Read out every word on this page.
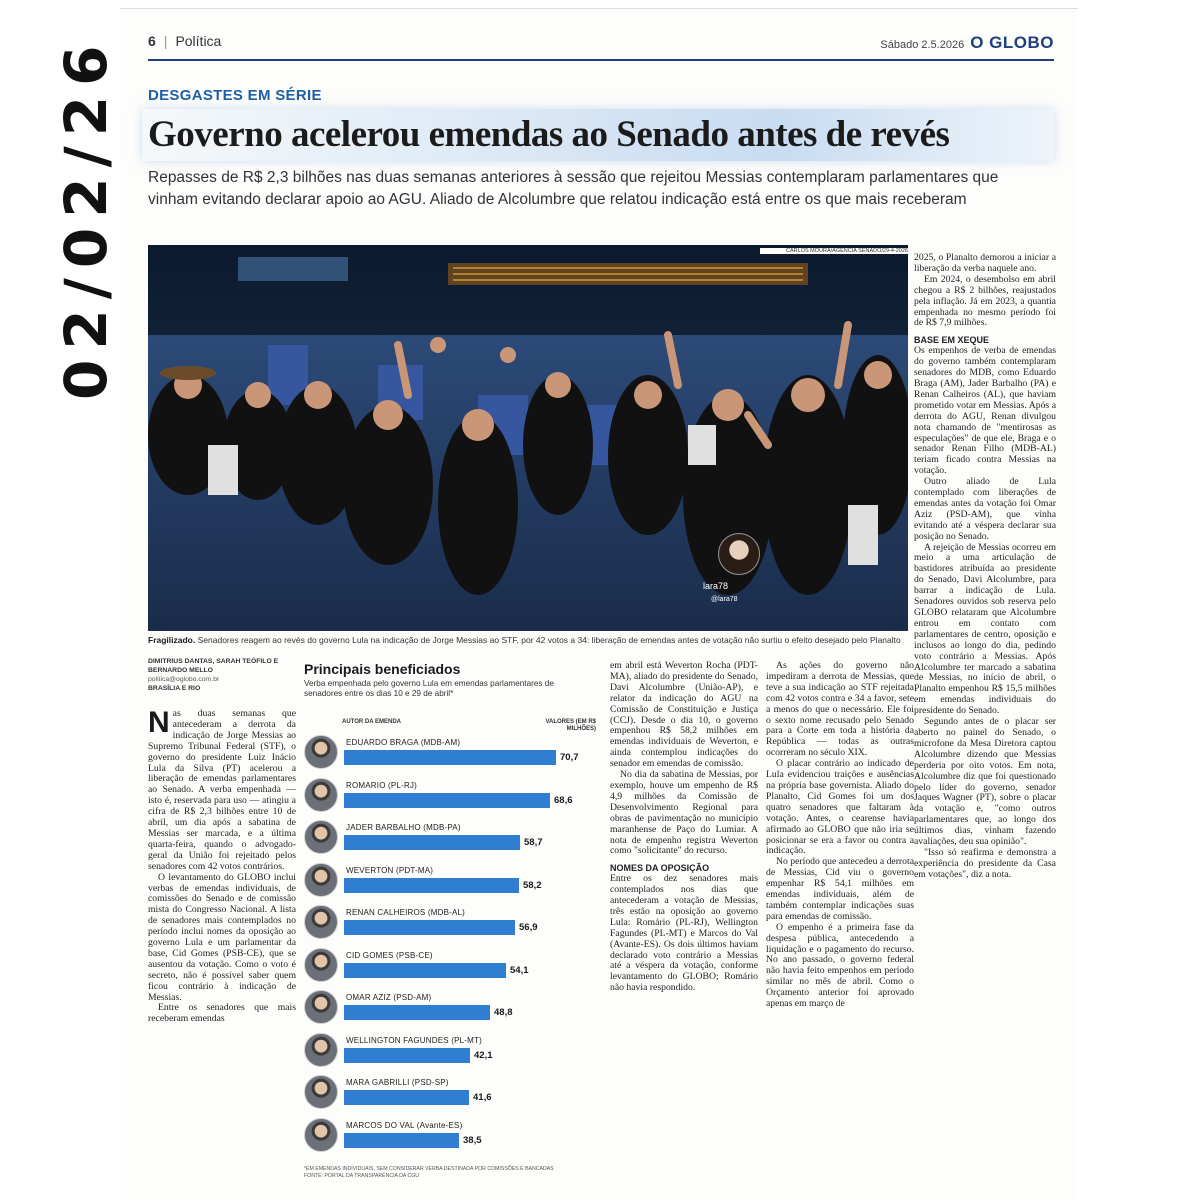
02/02/26 6 | Política	Sábado 2.5.2026 O GLOBO
DESGASTES EM SÉRIE
Governo acelerou emendas ao Senado antes de revés
Repasses de R$ 2,3 bilhões nas duas semanas anteriores à sessão que rejeitou Messias contemplaram parlamentares que vinham evitando declarar apoio ao AGU. Aliado de Alcolumbre que relatou indicação está entre os que mais receberam
CARLOS MOURA/AGÊNCIA SENADO/29-4-2026
lara78
@lara78
Fragilizado. Senadores reagem ao revés do governo Lula na indicação de Jorge Messias ao STF, por 42 votos a 34: liberação de emendas antes de votação não surtiu o efeito desejado pelo Planalto
DIMITRIUS DANTAS, SARAH TEÓFILO E BERNARDO MELLO
politica@oglobo.com.br
BRASÍLIA E RIO

Nas duas semanas que antecederam a derrota da indicação de Jorge Messias ao Supremo Tribunal Federal (STF), o governo do presidente Luiz Inácio Lula da Silva (PT) acelerou a liberação de emendas parlamentares ao Senado. A verba empenhada — isto é, reservada para uso — atingiu a cifra de R$ 2,3 bilhões entre 10 de abril, um dia após a sabatina de Messias ser marcada, e a última quarta-feira, quando o advogado-geral da União foi rejeitado pelos senadores com 42 votos contrários.

O levantamento do GLOBO inclui verbas de emendas individuais, de comissões do Senado e de comissão mista do Congresso Nacional. A lista de senadores mais contemplados no período inclui nomes da oposição ao governo Lula e um parlamentar da base, Cid Gomes (PSB-CE), que se ausentou da votação. Como o voto é secreto, não é possível saber quem ficou contrário à indicação de Messias.

Entre os senadores que mais receberam emendas

Principais beneficiados
Verba empenhada pelo governo Lula em emendas parlamentares de senadores entre os dias 10 e 29 de abril*
AUTOR DA EMENDA	VALORES (EM R$ MILHÕES)
EDUARDO BRAGA (MDB-AM)
70,7
ROMARIO (PL-RJ)
68,6
JADER BARBALHO (MDB-PA)
58,7
WEVERTON (PDT-MA)
58,2
RENAN CALHEIROS (MDB-AL)
56,9
CID GOMES (PSB-CE)
54,1
OMAR AZIZ (PSD-AM)
48,8
WELLINGTON FAGUNDES (PL-MT)
42,1
MARA GABRILLI (PSD-SP)
41,6
MARCOS DO VAL (Avante-ES)
38,5
*EM EMENDAS INDIVIDUAIS, SEM CONSIDERAR VERBA DESTINADA POR COMISSÕES E BANCADAS
FONTE: PORTAL DA TRANSPARÊNCIA DA CGU

em abril está Weverton Rocha (PDT-MA), aliado do presidente do Senado, Davi Alcolumbre (União-AP), e relator da indicação do AGU na Comissão de Constituição e Justiça (CCJ). Desde o dia 10, o governo empenhou R$ 58,2 milhões em emendas individuais de Weverton, e ainda contemplou indicações do senador em emendas de comissão.

No dia da sabatina de Messias, por exemplo, houve um empenho de R$ 4,9 milhões da Comissão de Desenvolvimento Regional para obras de pavimentação no município maranhense de Paço do Lumiar. A nota de empenho registra Weverton como "solicitante" do recurso.

NOMES DA OPOSIÇÃO

Entre os dez senadores mais contemplados nos dias que antecederam a votação de Messias, três estão na oposição ao governo Lula: Romário (PL-RJ), Wellington Fagundes (PL-MT) e Marcos do Val (Avante-ES). Os dois últimos haviam declarado voto contrário a Messias até a véspera da votação, conforme levantamento do GLOBO; Romário não havia respondido.

As ações do governo não impediram a derrota de Messias, que teve a sua indicação ao STF rejeitada com 42 votos contra e 34 a favor, sete a menos do que o necessário. Ele foi o sexto nome recusado pelo Senado para a Corte em toda a história da República — todas as outras ocorreram no século XIX.

O placar contrário ao indicado de Lula evidenciou traições e ausências na própria base governista. Aliado do Planalto, Cid Gomes foi um dos quatro senadores que faltaram à votação. Antes, o cearense havia afirmado ao GLOBO que não iria se posicionar se era a favor ou contra a indicação.

No período que antecedeu a derrota de Messias, Cid viu o governo empenhar R$ 54,1 milhões em emendas individuais, além de também contemplar indicações suas para emendas de comissão.

O empenho é a primeira fase da despesa pública, antecedendo a liquidação e o pagamento do recurso. No ano passado, o governo federal não havia feito empenhos em período similar no mês de abril. Como o Orçamento anterior foi aprovado apenas em março de

2025, o Planalto demorou a iniciar a liberação da verba naquele ano.

Em 2024, o desembolso em abril chegou a R$ 2 bilhões, reajustados pela inflação. Já em 2023, a quantia empenhada no mesmo período foi de R$ 7,9 milhões.

BASE EM XEQUE

Os empenhos de verba de emendas do governo também contemplaram senadores do MDB, como Eduardo Braga (AM), Jader Barbalho (PA) e Renan Calheiros (AL), que haviam prometido votar em Messias. Após a derrota do AGU, Renan divulgou nota chamando de "mentirosas as especulações" de que ele, Braga e o senador Renan Filho (MDB-AL) teriam ficado contra Messias na votação.

Outro aliado de Lula contemplado com liberações de emendas antes da votação foi Omar Aziz (PSD-AM), que vinha evitando até a véspera declarar sua posição no Senado.

A rejeição de Messias ocorreu em meio a uma articulação de bastidores atribuída ao presidente do Senado, Davi Alcolumbre, para barrar a indicação de Lula. Senadores ouvidos sob reserva pelo GLOBO relataram que Alcolumbre entrou em contato com parlamentares de centro, oposição e inclusos ao longo do dia, pedindo voto contrário a Messias. Após Alcolumbre ter marcado a sabatina de Messias, no início de abril, o Planalto empenhou R$ 15,5 milhões em emendas individuais do presidente do Senado.

Segundo antes de o placar ser aberto no painel do Senado, o microfone da Mesa Diretora captou Alcolumbre dizendo que Messias perderia por oito votos. Em nota, Alcolumbre diz que foi questionado pelo líder do governo, senador Jaques Wagner (PT), sobre o placar da votação e, "como outros parlamentares que, ao longo dos últimos dias, vinham fazendo avaliações, deu sua opinião".

"Isso só reafirma e demonstra a experiência do presidente da Casa em votações", diz a nota.
